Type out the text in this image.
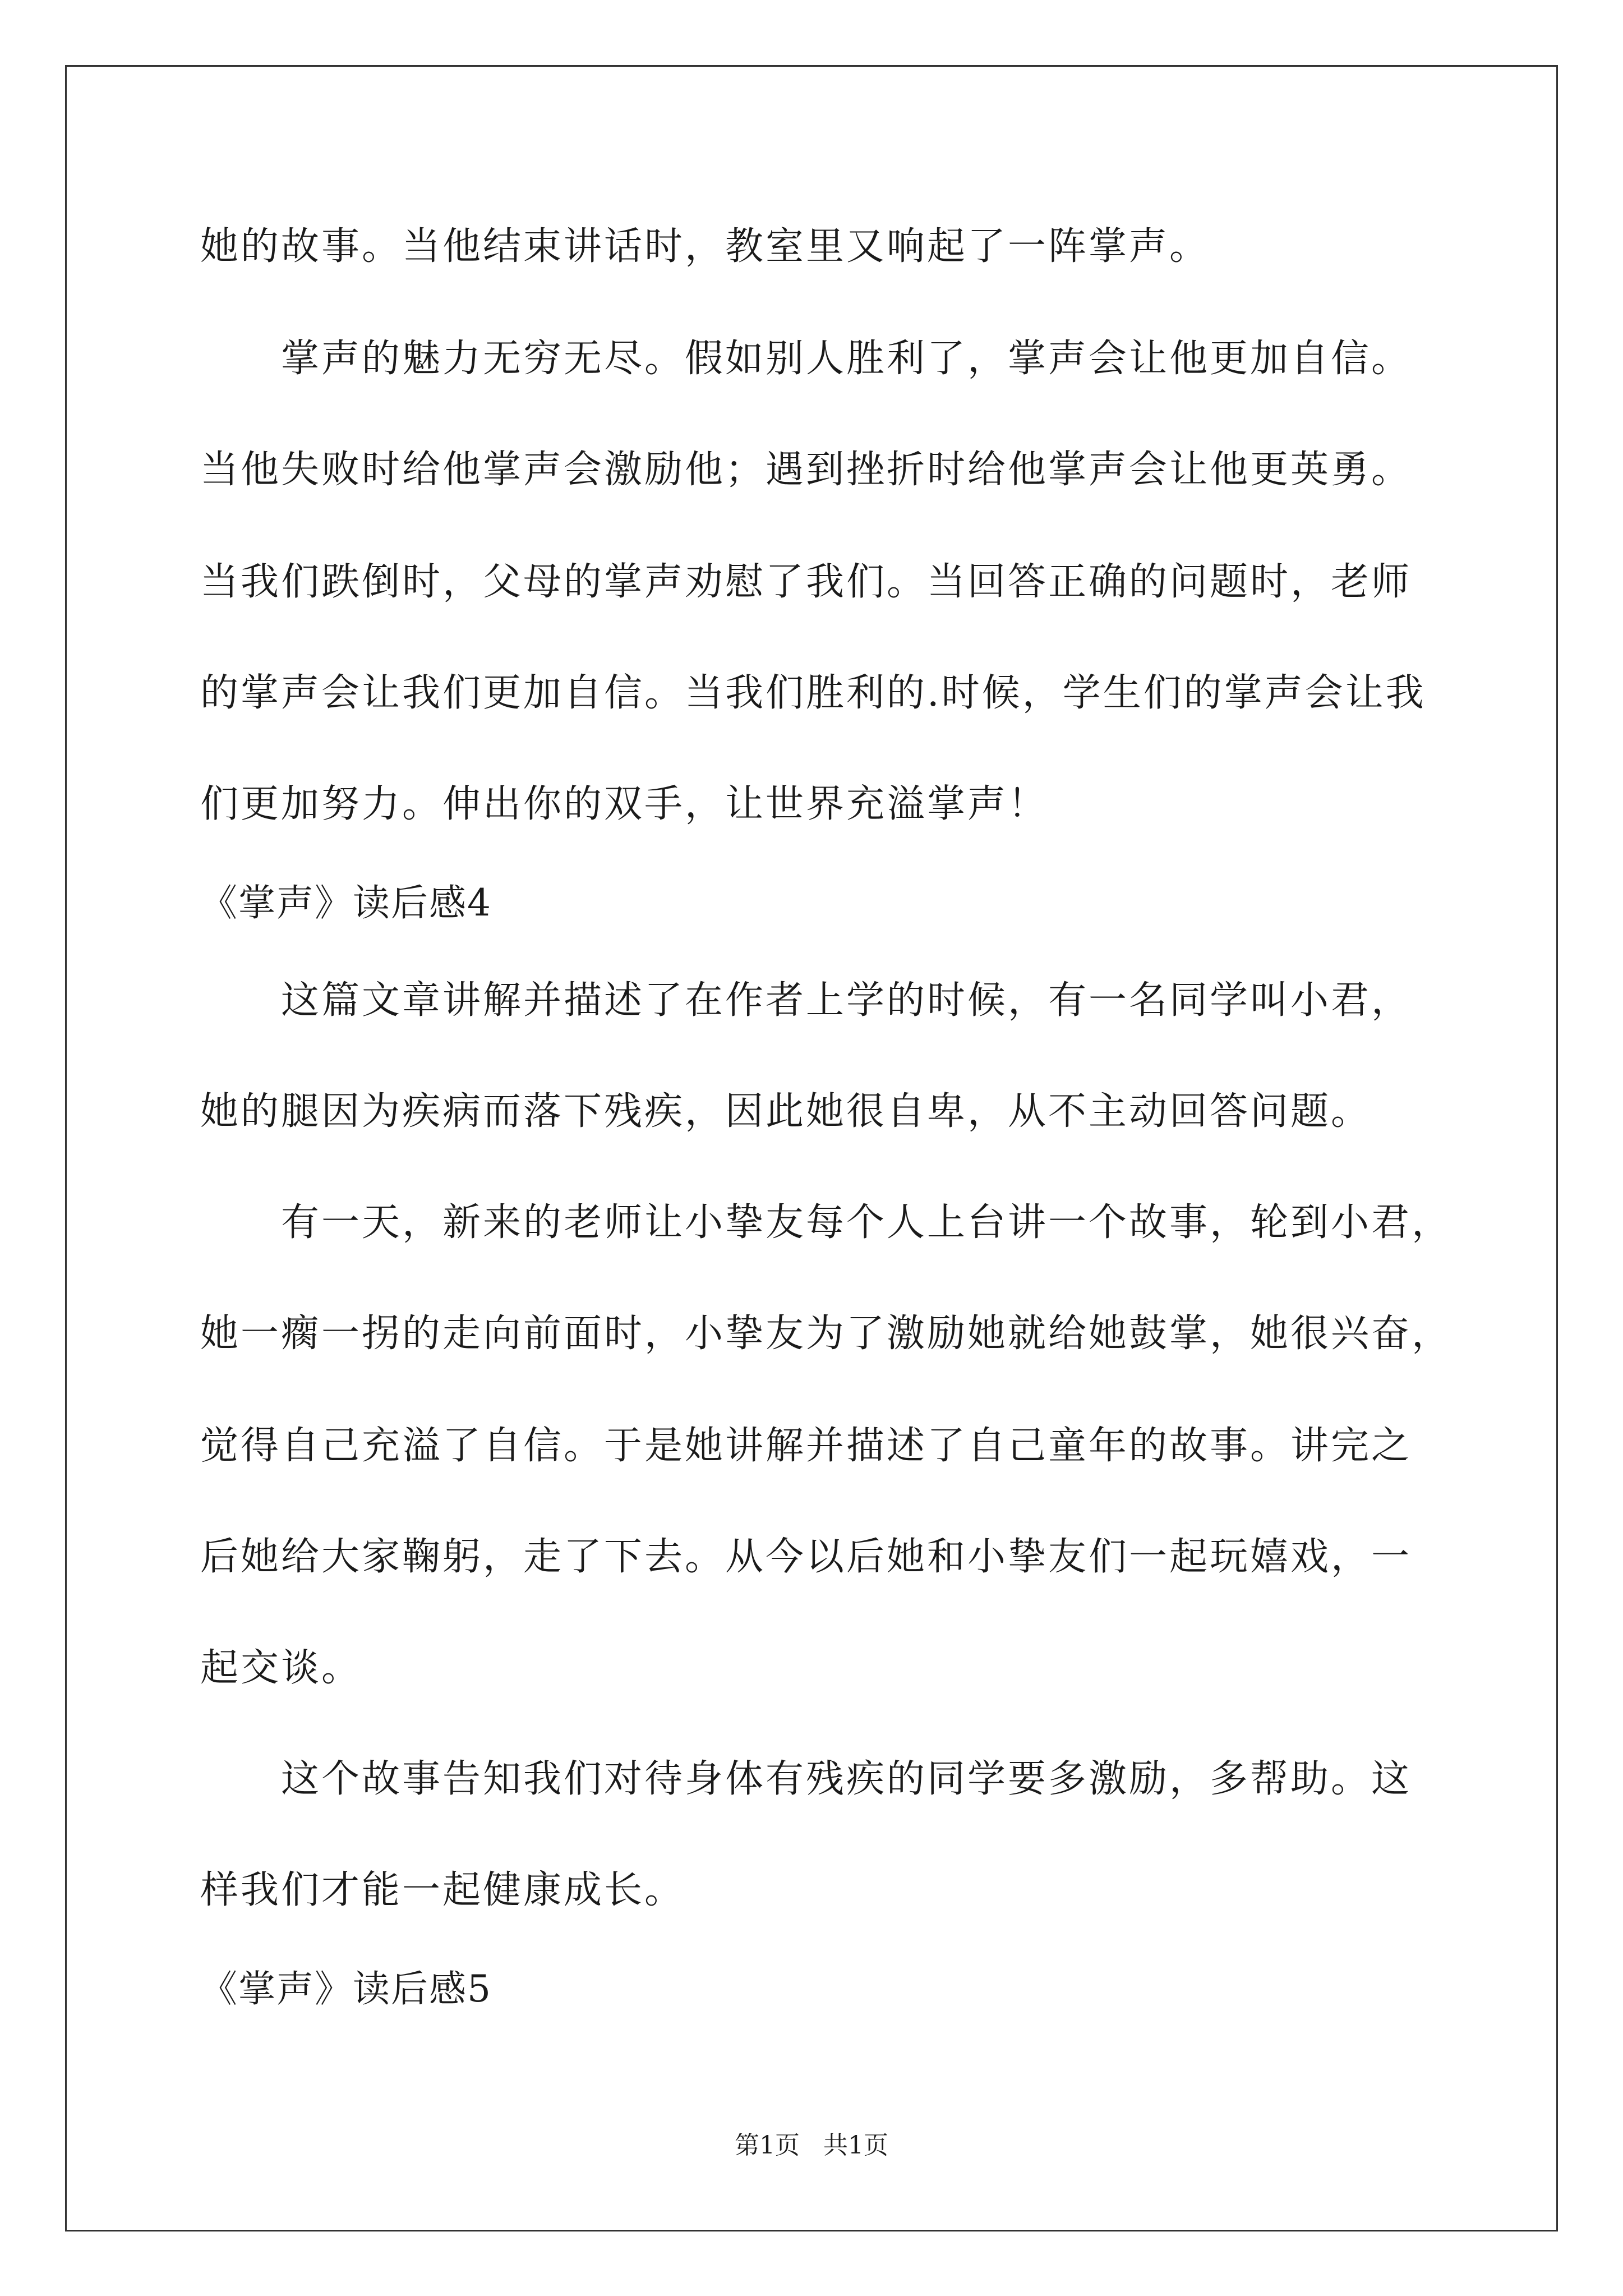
她的故事。当他结束讲话时，教室里又响起了一阵掌声。
　　掌声的魅力无穷无尽。假如别人胜利了，掌声会让他更加自信。
当他失败时给他掌声会激励他；遇到挫折时给他掌声会让他更英勇。
当我们跌倒时，父母的掌声劝慰了我们。当回答正确的问题时，老师
的掌声会让我们更加自信。当我们胜利的.时候，学生们的掌声会让我
们更加努力。伸出你的双手，让世界充溢掌声！
《掌声》读后感4
　　这篇文章讲解并描述了在作者上学的时候，有一名同学叫小君，
她的腿因为疾病而落下残疾，因此她很自卑，从不主动回答问题。
　　有一天，新来的老师让小挚友每个人上台讲一个故事，轮到小君，
她一瘸一拐的走向前面时，小挚友为了激励她就给她鼓掌，她很兴奋，
觉得自己充溢了自信。于是她讲解并描述了自己童年的故事。讲完之
后她给大家鞠躬，走了下去。从今以后她和小挚友们一起玩嬉戏，一
起交谈。
　　这个故事告知我们对待身体有残疾的同学要多激励，多帮助。这
样我们才能一起健康成长。
《掌声》读后感5
第1页 共1页
